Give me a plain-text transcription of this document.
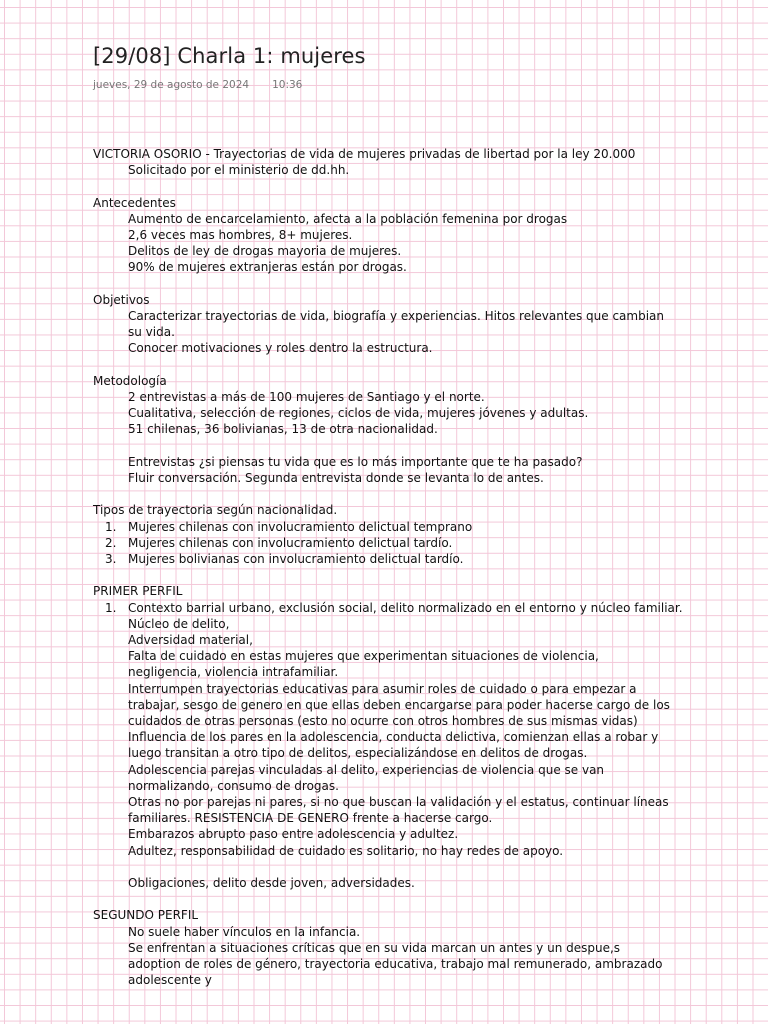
[29/08] Charla 1: mujeres
jueves, 29 de agosto de 2024 10:36
VICTORIA OSORIO - Trayectorias de vida de mujeres privadas de libertad por la ley 20.000
Solicitado por el ministerio de dd.hh.
Antecedentes
Aumento de encarcelamiento, afecta a la población femenina por drogas
2,6 veces mas hombres, 8+ mujeres.
Delitos de ley de drogas mayoria de mujeres.
90% de mujeres extranjeras están por drogas.
Objetivos
Caracterizar trayectorias de vida, biografía y experiencias. Hitos relevantes que cambian su vida.
Conocer motivaciones y roles dentro la estructura.
Metodología
2 entrevistas a más de 100 mujeres de Santiago y el norte.
Cualitativa, selección de regiones, ciclos de vida, mujeres jóvenes y adultas.
51 chilenas, 36 bolivianas, 13 de otra nacionalidad.
Entrevistas ¿si piensas tu vida que es lo más importante que te ha pasado?
Fluir conversación. Segunda entrevista donde se levanta lo de antes.
Tipos de trayectoria según nacionalidad.
1. Mujeres chilenas con involucramiento delictual temprano
2. Mujeres chilenas con involucramiento delictual tardío.
3. Mujeres bolivianas con involucramiento delictual tardío.
PRIMER PERFIL
1. Contexto barrial urbano, exclusión social, delito normalizado en el entorno y núcleo familiar.
Núcleo de delito,
Adversidad material,
Falta de cuidado en estas mujeres que experimentan situaciones de violencia, negligencia, violencia intrafamiliar.
Interrumpen trayectorias educativas para asumir roles de cuidado o para empezar a trabajar, sesgo de genero en que ellas deben encargarse para poder hacerse cargo de los cuidados de otras personas (esto no ocurre con otros hombres de sus mismas vidas)
Influencia de los pares en la adolescencia, conducta delictiva, comienzan ellas a robar y luego transitan a otro tipo de delitos, especializándose en delitos de drogas.
Adolescencia parejas vinculadas al delito, experiencias de violencia que se van normalizando, consumo de drogas.
Otras no por parejas ni pares, si no que buscan la validación y el estatus, continuar líneas familiares. RESISTENCIA DE GENERO frente a hacerse cargo.
Embarazos abrupto paso entre adolescencia y adultez.
Adultez, responsabilidad de cuidado es solitario, no hay redes de apoyo.
Obligaciones, delito desde joven, adversidades.
SEGUNDO PERFIL
No suele haber vínculos en la infancia.
Se enfrentan a situaciones críticas que en su vida marcan un antes y un despue,s adoption de roles de género, trayectoria educativa, trabajo mal remunerado, ambrazado adolescente y
